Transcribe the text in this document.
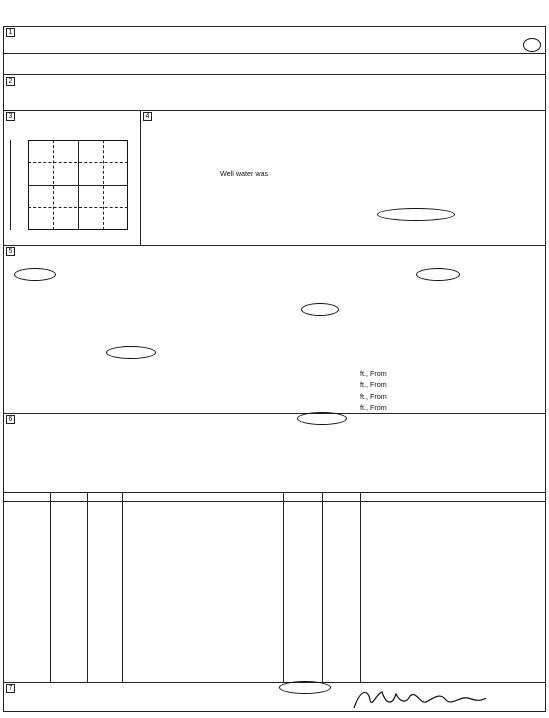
1
2
3	4
Well water was
5
ft., From
ft., From
ft., From
ft., From
6
7
